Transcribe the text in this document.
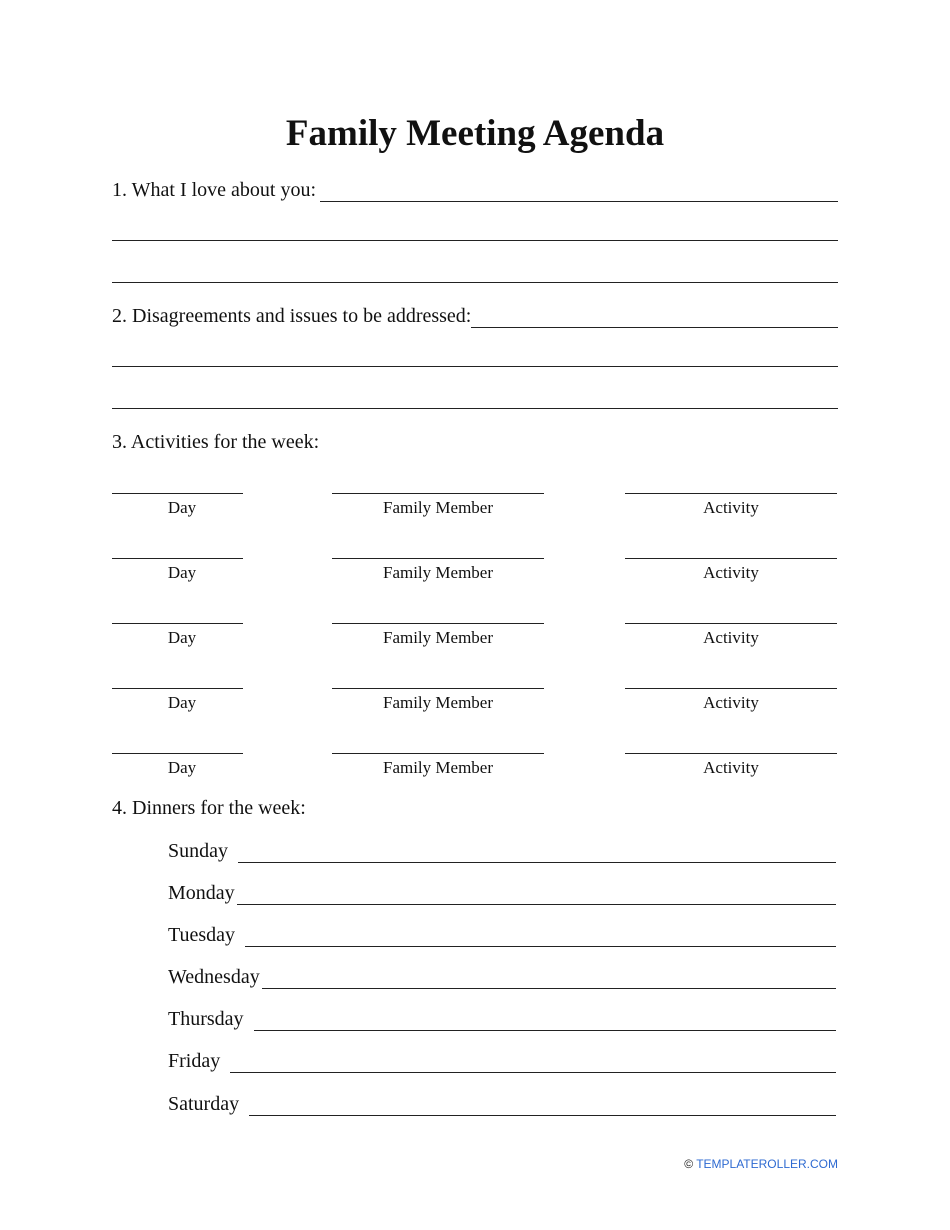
Family Meeting Agenda
1. What I love about you:
2. Disagreements and issues to be addressed:
3. Activities for the week:
Day	Family Member	Activity
Day	Family Member	Activity
Day	Family Member	Activity
Day	Family Member	Activity
Day	Family Member	Activity
4. Dinners for the week:
Sunday
Monday
Tuesday
Wednesday
Thursday
Friday
Saturday
© TEMPLATEROLLER.COM
